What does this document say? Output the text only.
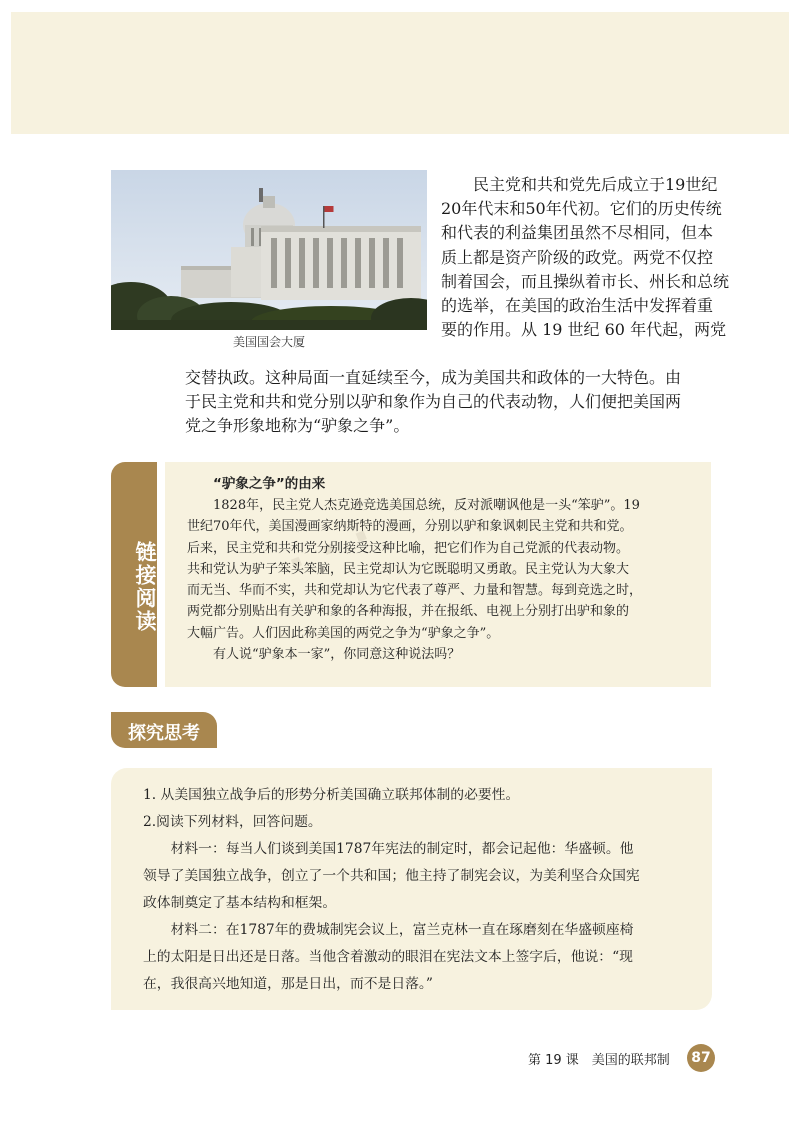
美国国会大厦
民主党和共和党先后成立于19世纪
20年代末和50年代初。它们的历史传统
和代表的利益集团虽然不尽相同，但本
质上都是资产阶级的政党。两党不仅控
制着国会，而且操纵着市长、州长和总统
的选举，在美国的政治生活中发挥着重
要的作用。从 19 世纪 60 年代起，两党
交替执政。这种局面一直延续至今，成为美国共和政体的一大特色。由
于民主党和共和党分别以驴和象作为自己的代表动物，人们便把美国两
党之争形象地称为“驴象之争”。
链接阅读	· · ·
“驴象之争”的由来
　　1828年，民主党人杰克逊竞选美国总统，反对派嘲讽他是一头“笨驴”。19
世纪70年代，美国漫画家纳斯特的漫画，分别以驴和象讽刺民主党和共和党。
后来，民主党和共和党分别接受这种比喻，把它们作为自己党派的代表动物。
共和党认为驴子笨头笨脑，民主党却认为它既聪明又勇敢。民主党认为大象大
而无当、华而不实，共和党却认为它代表了尊严、力量和智慧。每到竞选之时，
两党都分别贴出有关驴和象的各种海报，并在报纸、电视上分别打出驴和象的
大幅广告。人们因此称美国的两党之争为“驴象之争”。
　　有人说“驴象本一家”，你同意这种说法吗？
探究思考
1. 从美国独立战争后的形势分析美国确立联邦体制的必要性。
2.阅读下列材料，回答问题。
　　材料一：每当人们谈到美国1787年宪法的制定时，都会记起他：华盛顿。他
领导了美国独立战争，创立了一个共和国；他主持了制宪会议，为美利坚合众国宪
政体制奠定了基本结构和框架。
　　材料二：在1787年的费城制宪会议上，富兰克林一直在琢磨刻在华盛顿座椅
上的太阳是日出还是日落。当他含着激动的眼泪在宪法文本上签字后，他说：“现
在，我很高兴地知道，那是日出，而不是日落。”
第 19 课　美国的联邦制	87
